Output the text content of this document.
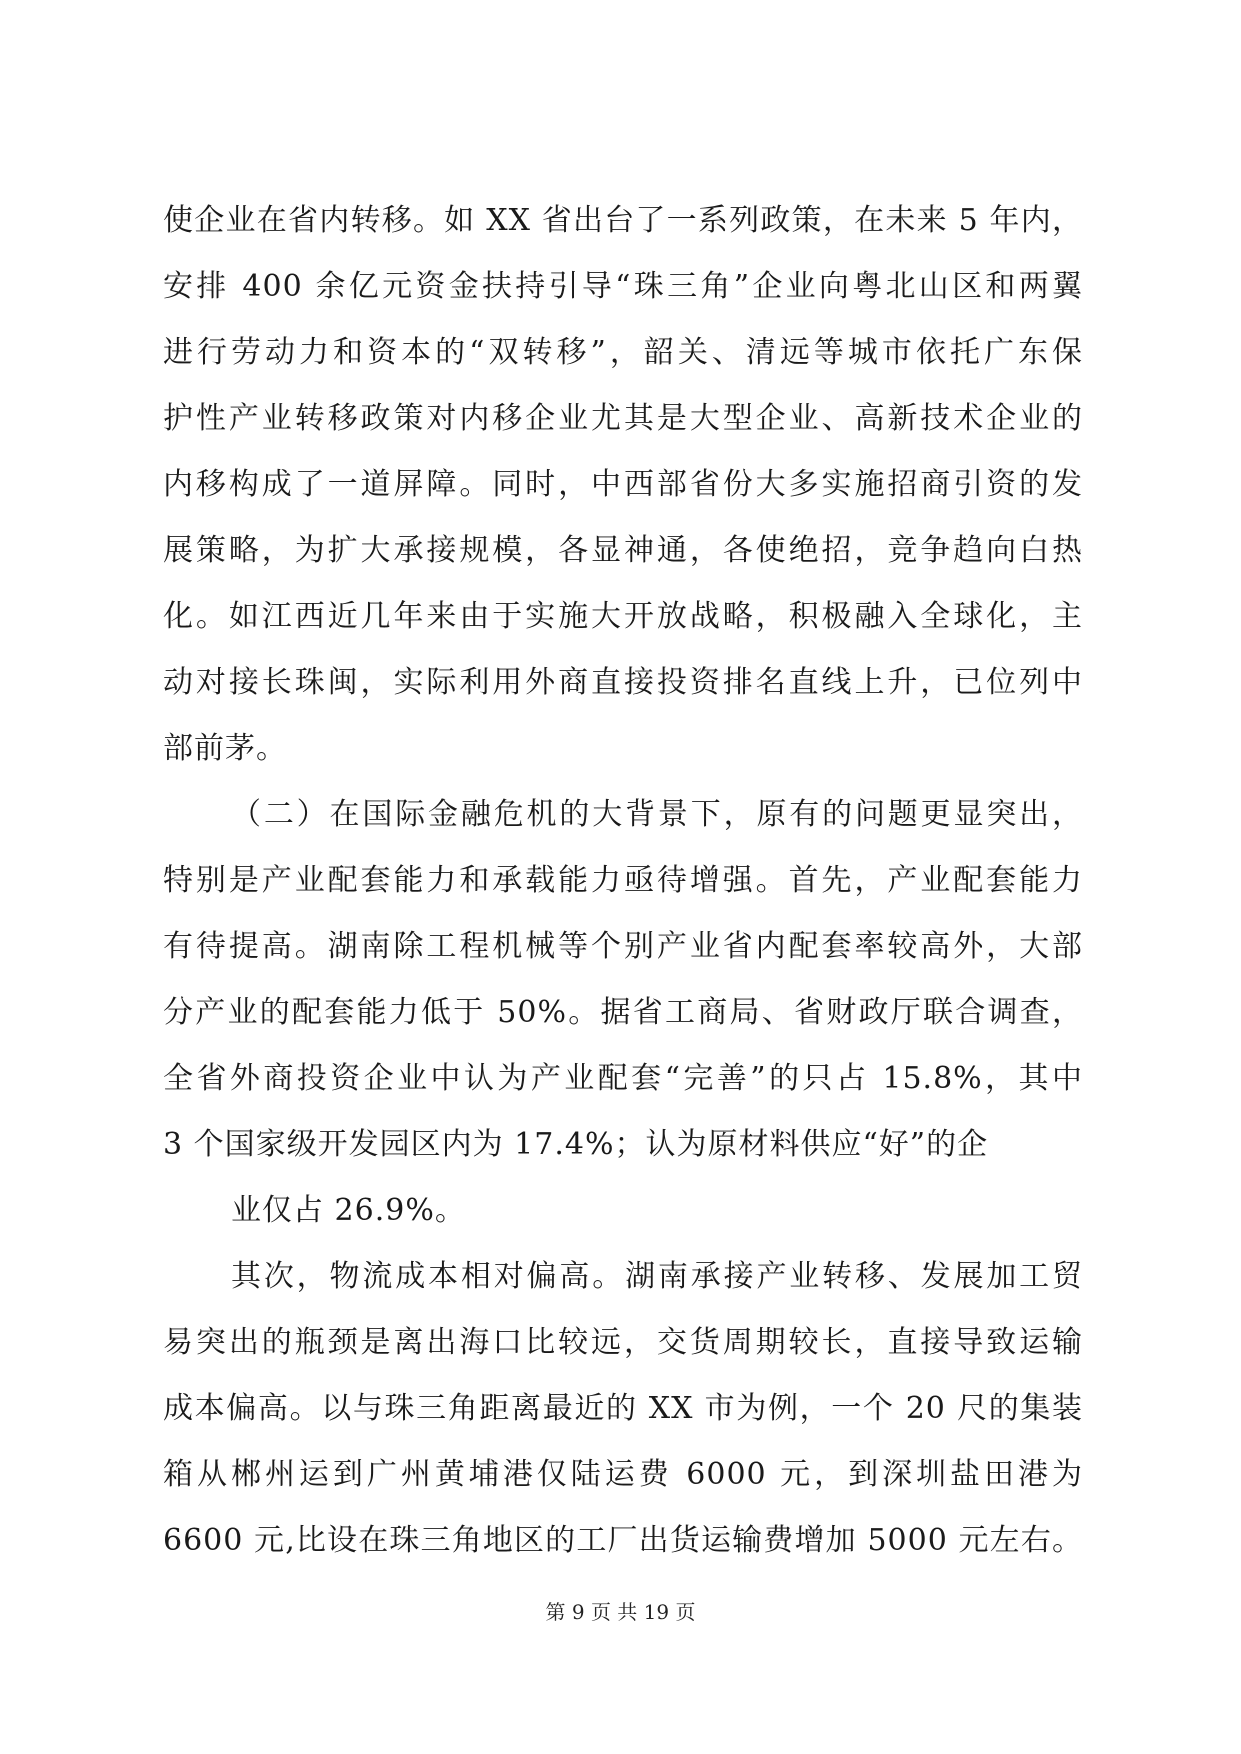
使企业在省内转移。如 XX 省出台了一系列政策，在未来 5 年内，
安排 400 余亿元资金扶持引导“珠三角”企业向粤北山区和两翼
进行劳动力和资本的“双转移”，韶关、清远等城市依托广东保
护性产业转移政策对内移企业尤其是大型企业、高新技术企业的
内移构成了一道屏障。同时，中西部省份大多实施招商引资的发
展策略，为扩大承接规模，各显神通，各使绝招，竞争趋向白热
化。如江西近几年来由于实施大开放战略，积极融入全球化，主
动对接长珠闽，实际利用外商直接投资排名直线上升，已位列中
部前茅。
（二）在国际金融危机的大背景下，原有的问题更显突出，
特别是产业配套能力和承载能力亟待增强。首先，产业配套能力
有待提高。湖南除工程机械等个别产业省内配套率较高外，大部
分产业的配套能力低于 50%。据省工商局、省财政厅联合调查，
全省外商投资企业中认为产业配套“完善”的只占 15.8%，其中
3 个国家级开发园区内为 17.4%；认为原材料供应“好”的企
业仅占 26.9%。
其次，物流成本相对偏高。湖南承接产业转移、发展加工贸
易突出的瓶颈是离出海口比较远，交货周期较长，直接导致运输
成本偏高。以与珠三角距离最近的 XX 市为例，一个 20 尺的集装
箱从郴州运到广州黄埔港仅陆运费 6000 元，到深圳盐田港为
6600 元,比设在珠三角地区的工厂出货运输费增加 5000 元左右。
第 9 页 共 19 页
